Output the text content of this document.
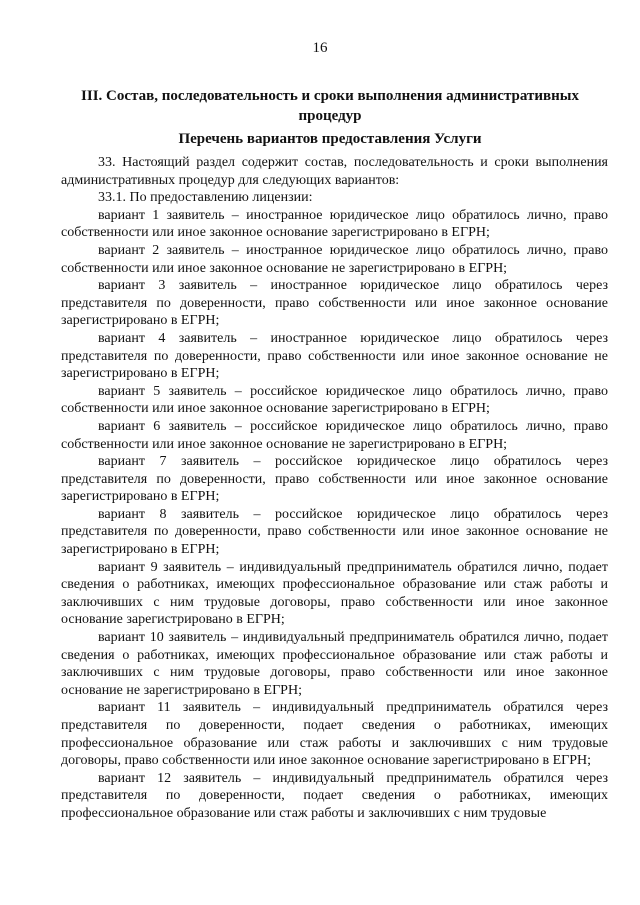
16
III. Состав, последовательность и сроки выполнения административных процедур
Перечень вариантов предоставления Услуги

33. Настоящий раздел содержит состав, последовательность и сроки выполнения административных процедур для следующих вариантов:

33.1. По предоставлению лицензии:

вариант 1 заявитель – иностранное юридическое лицо обратилось лично, право собственности или иное законное основание зарегистрировано в ЕГРН;

вариант 2 заявитель – иностранное юридическое лицо обратилось лично, право собственности или иное законное основание не зарегистрировано в ЕГРН;

вариант 3 заявитель – иностранное юридическое лицо обратилось через представителя по доверенности, право собственности или иное законное основание зарегистрировано в ЕГРН;

вариант 4 заявитель – иностранное юридическое лицо обратилось через представителя по доверенности, право собственности или иное законное основание не зарегистрировано в ЕГРН;

вариант 5 заявитель – российское юридическое лицо обратилось лично, право собственности или иное законное основание зарегистрировано в ЕГРН;

вариант 6 заявитель – российское юридическое лицо обратилось лично, право собственности или иное законное основание не зарегистрировано в ЕГРН;

вариант 7 заявитель – российское юридическое лицо обратилось через представителя по доверенности, право собственности или иное законное основание зарегистрировано в ЕГРН;

вариант 8 заявитель – российское юридическое лицо обратилось через представителя по доверенности, право собственности или иное законное основание не зарегистрировано в ЕГРН;

вариант 9 заявитель – индивидуальный предприниматель обратился лично, подает сведения о работниках, имеющих профессиональное образование или стаж работы и заключивших с ним трудовые договоры, право собственности или иное законное основание зарегистрировано в ЕГРН;

вариант 10 заявитель – индивидуальный предприниматель обратился лично, подает сведения о работниках, имеющих профессиональное образование или стаж работы и заключивших с ним трудовые договоры, право собственности или иное законное основание не зарегистрировано в ЕГРН;

вариант 11 заявитель – индивидуальный предприниматель обратился через представителя по доверенности, подает сведения о работниках, имеющих профессиональное образование или стаж работы и заключивших с ним трудовые договоры, право собственности или иное законное основание зарегистрировано в ЕГРН;

вариант 12 заявитель – индивидуальный предприниматель обратился через представителя по доверенности, подает сведения о работниках, имеющих профессиональное образование или стаж работы и заключивших с ним трудовые
